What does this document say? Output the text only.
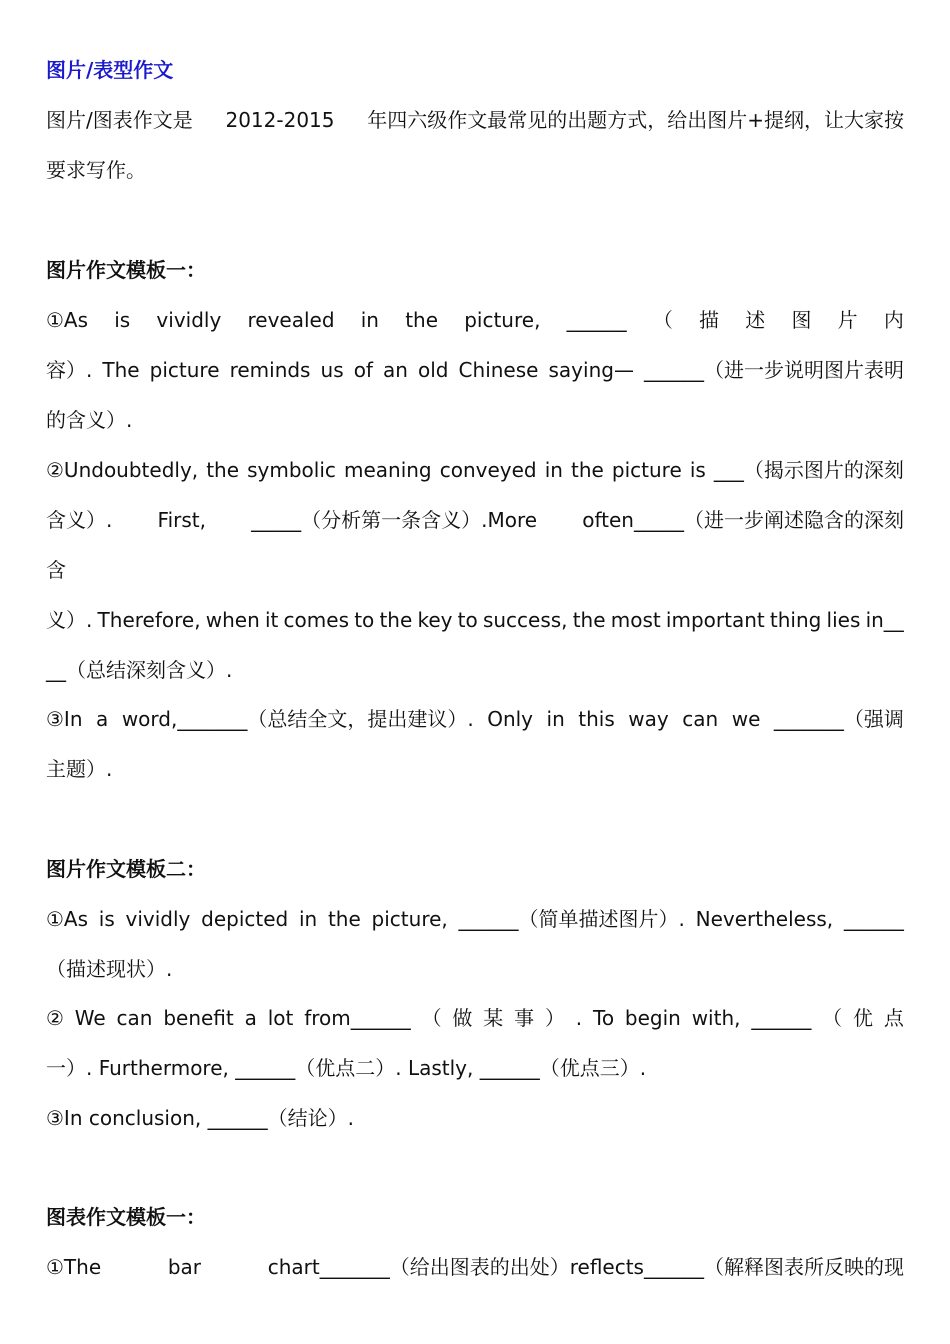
图片/表型作文

图片/图表作文是 2012-2015 年四六级作文最常见的出题方式，给出图片+提纲，让大家按

要求写作。

图片作文模板一：

①As is vividly revealed in the picture, ______ （ 描 述 图 片 内

容）. The picture reminds us of an old Chinese saying— ______（进一步说明图片表明

的含义）.

②Undoubtedly, the symbolic meaning conveyed in the picture is ___（揭示图片的深刻

含义）. First, _____（分析第一条含义）.More often_____（进一步阐述隐含的深刻

含

义）. Therefore, when it comes to the key to success, the most important thing lies in__

__（总结深刻含义）.

③In a word,_______（总结全文，提出建议）. Only in this way can we _______（强调

主题）.

图片作文模板二：

①As is vividly depicted in the picture, ______（简单描述图片）. Nevertheless, ______

（描述现状）.

② We can benefit a lot from______ （ 做 某 事 ） . To begin with, ______ （ 优 点

一）. Furthermore, ______（优点二）. Lastly, ______（优点三）.

③In conclusion, ______（结论）.

图表作文模板一：

①The	bar	chart_______（给出图表的出处）reflects______（解释图表所反映的现
